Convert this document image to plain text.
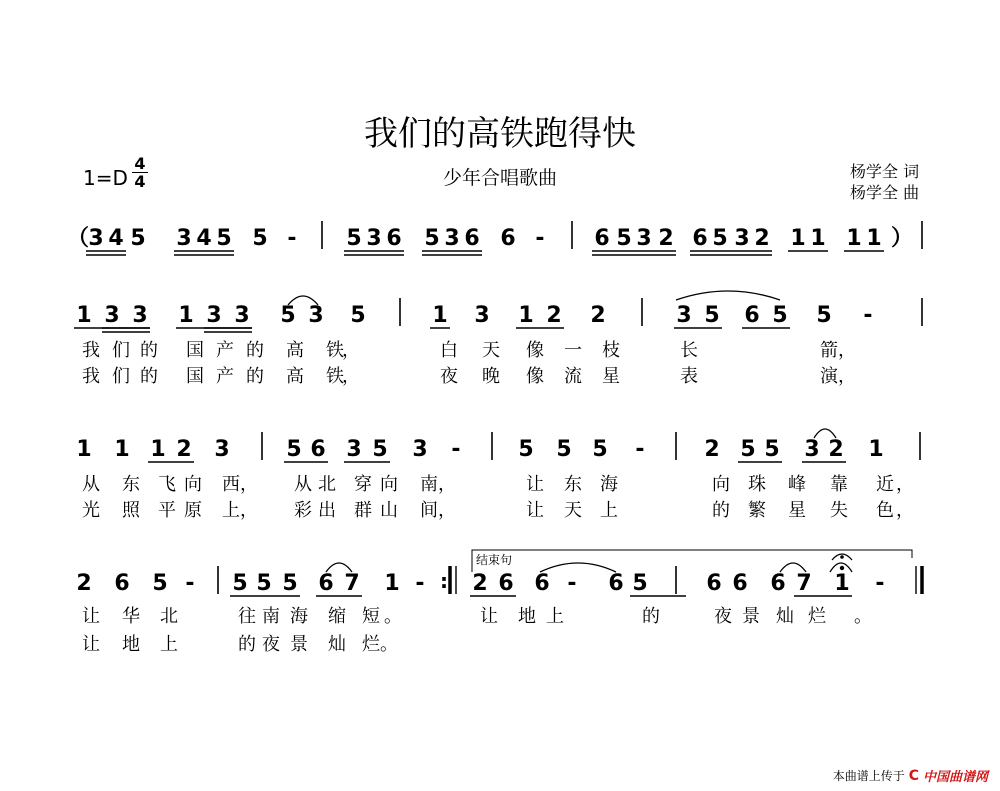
我们的高铁跑得快
少年合唱歌曲	杨学全 词
杨学全 曲
1=D
4
4
（ 3 4 5 3 4 5 5 - 5 3 6 5 3 6 6 - 6 5 3 2 6 5 3 2 1 1 1 1 ）
1 3 3 1 3 3 5 3 5	1 3 1 2 2	3 5 6 5 5 -
我 们 的 国 产 的 高 铁
，	白 天 像 一 枝	长	箭 ，
我 们 的 国 产 的 高 铁
，	夜 晚 像 流 星	表	演 ，
1 1 1 2 3	5 6 3 5 3 -	5 5 5 -	2 5 5 3 2 1
从 东 飞 向 西 ， 从 北 穿 向 南 ，	让 东 海	向 珠 峰 靠 近 ，
光 照 平 原 上 ， 彩 出 群 山 间 ，	让 天 上	的 繁 星 失 色 ，
2 6 5 - 5 5 5 6 7 1 - : 2 6 6 - 6 5	6 6 6 7 1 -
让 华 北	往 南 海 缩 短 。	让 地 上	的	夜 景 灿 烂 。
让 地 上	的 夜 景 灿 烂 。
结束句
本曲谱上传于 C 中国曲谱网
